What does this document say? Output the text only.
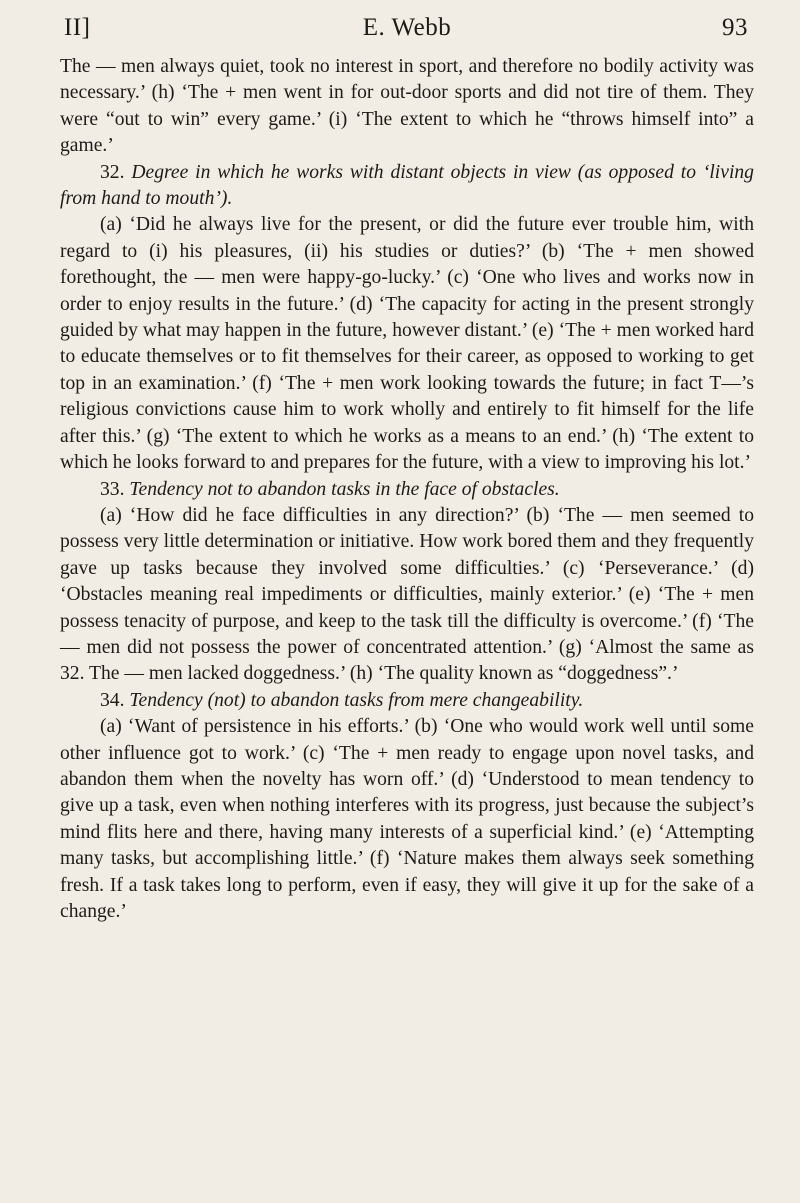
II]	E. Webb	93

The — men always quiet, took no interest in sport, and therefore no bodily activity was necessary.’ (h) ‘The + men went in for out-door sports and did not tire of them. They were “out to win” every game.’ (i) ‘The extent to which he “throws himself into” a game.’

32. Degree in which he works with distant objects in view (as opposed to ‘living from hand to mouth’).

(a) ‘Did he always live for the present, or did the future ever trouble him, with regard to (i) his pleasures, (ii) his studies or duties?’ (b) ‘The + men showed forethought, the — men were happy-go-lucky.’ (c) ‘One who lives and works now in order to enjoy results in the future.’ (d) ‘The capacity for acting in the present strongly guided by what may happen in the future, however distant.’ (e) ‘The + men worked hard to educate themselves or to fit themselves for their career, as opposed to working to get top in an examination.’ (f) ‘The + men work looking towards the future; in fact T—’s religious convictions cause him to work wholly and entirely to fit himself for the life after this.’ (g) ‘The extent to which he works as a means to an end.’ (h) ‘The extent to which he looks forward to and prepares for the future, with a view to improving his lot.’

33. Tendency not to abandon tasks in the face of obstacles.

(a) ‘How did he face difficulties in any direction?’ (b) ‘The — men seemed to possess very little determination or initiative. How work bored them and they frequently gave up tasks because they involved some difficulties.’ (c) ‘Perseverance.’ (d) ‘Obstacles meaning real impediments or difficulties, mainly exterior.’ (e) ‘The + men possess tenacity of purpose, and keep to the task till the difficulty is overcome.’ (f) ‘The — men did not possess the power of concentrated attention.’ (g) ‘Almost the same as 32. The — men lacked doggedness.’ (h) ‘The quality known as “doggedness”.’

34. Tendency (not) to abandon tasks from mere changeability.

(a) ‘Want of persistence in his efforts.’ (b) ‘One who would work well until some other influence got to work.’ (c) ‘The + men ready to engage upon novel tasks, and abandon them when the novelty has worn off.’ (d) ‘Understood to mean tendency to give up a task, even when nothing interferes with its progress, just because the subject’s mind flits here and there, having many interests of a superficial kind.’ (e) ‘Attempting many tasks, but accomplishing little.’ (f) ‘Nature makes them always seek something fresh. If a task takes long to perform, even if easy, they will give it up for the sake of a change.’
